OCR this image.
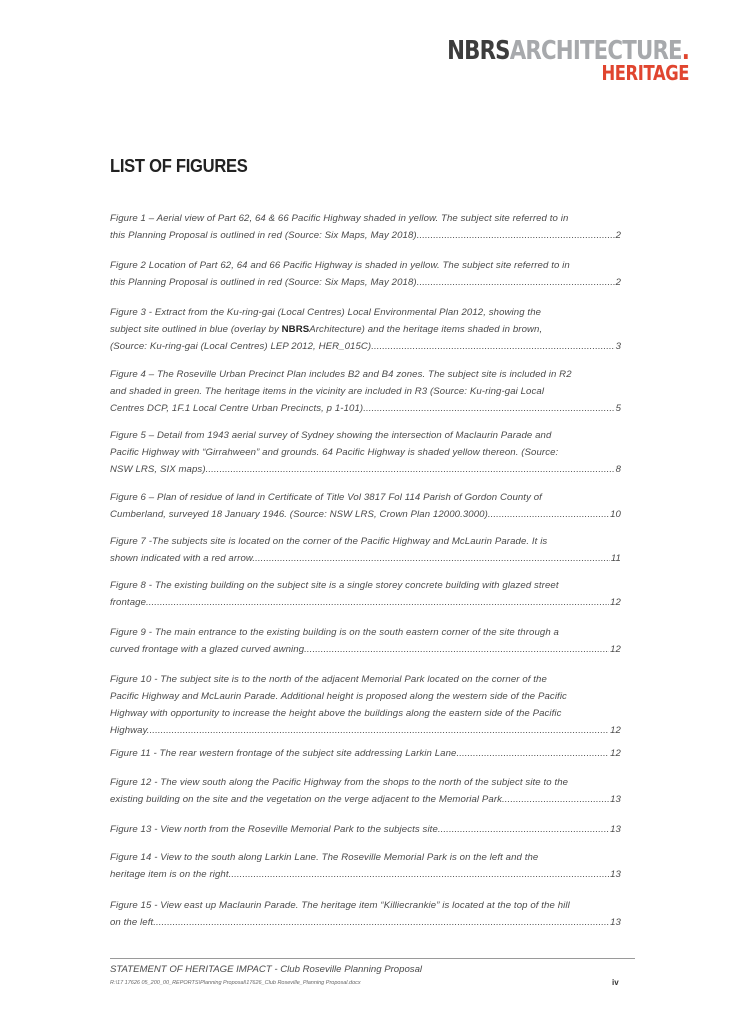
NBRSARCHITECTURE.
HERITAGE
LIST OF FIGURES
Figure 1 – Aerial view of Part 62, 64 & 66 Pacific Highway shaded in yellow. The subject site referred to in
this Planning Proposal is outlined in red (Source: Six Maps, May 2018). .....	2
Figure 2 Location of Part 62, 64 and 66 Pacific Highway is shaded in yellow. The subject site referred to in
this Planning Proposal is outlined in red (Source: Six Maps, May 2018). .....	2
Figure 3 - Extract from the Ku-ring-gai (Local Centres) Local Environmental Plan 2012, showing the
subject site outlined in blue (overlay by NBRSArchitecture) and the heritage items shaded in brown,
(Source: Ku-ring-gai (Local Centres) LEP 2012, HER_015C). .....	3
Figure 4 – The Roseville Urban Precinct Plan includes B2 and B4 zones. The subject site is included in R2
and shaded in green. The heritage items in the vicinity are included in R3 (Source: Ku-ring-gai Local
Centres DCP, 1F.1 Local Centre Urban Precincts, p 1-101). .....	5
Figure 5 – Detail from 1943 aerial survey of Sydney showing the intersection of Maclaurin Parade and
Pacific Highway with “Girrahween” and grounds. 64 Pacific Highway is shaded yellow thereon. (Source:
NSW LRS, SIX maps) .....	8
Figure 6 – Plan of residue of land in Certificate of Title Vol 3817 Fol 114 Parish of Gordon County of
Cumberland, surveyed 18 January 1946. (Source: NSW LRS, Crown Plan 12000.3000) .....	10
Figure 7 -The subjects site is located on the corner of the Pacific Highway and McLaurin Parade. It is
shown indicated with a red arrow. .....	11
Figure 8 - The existing building on the subject site is a single storey concrete building with glazed street
frontage. .....	12
Figure 9 - The main entrance to the existing building is on the south eastern corner of the site through a
curved frontage with a glazed curved awning. .....	12
Figure 10 - The subject site is to the north of the adjacent Memorial Park located on the corner of the
Pacific Highway and McLaurin Parade. Additional height is proposed along the western side of the Pacific
Highway with opportunity to increase the height above the buildings along the eastern side of the Pacific
Highway. .....	12
Figure 11 - The rear western frontage of the subject site addressing Larkin Lane. .....	12
Figure 12 - The view south along the Pacific Highway from the shops to the north of the subject site to the
existing building on the site and the vegetation on the verge adjacent to the Memorial Park. .....	13
Figure 13 - View north from the Roseville Memorial Park to the subjects site. .....	13
Figure 14 - View to the south along Larkin Lane. The Roseville Memorial Park is on the left and the
heritage item is on the right. .....	13
Figure 15 - View east up Maclaurin Parade. The heritage item “Killiecrankie” is located at the top of the hill
on the left. .....	13
STATEMENT OF HERITAGE IMPACT - Club Roseville Planning Proposal
R:\17 17626 05_200_00_REPORTS\Planning Proposal\17626_Club Roseville_Planning Proposal.docx	iv
